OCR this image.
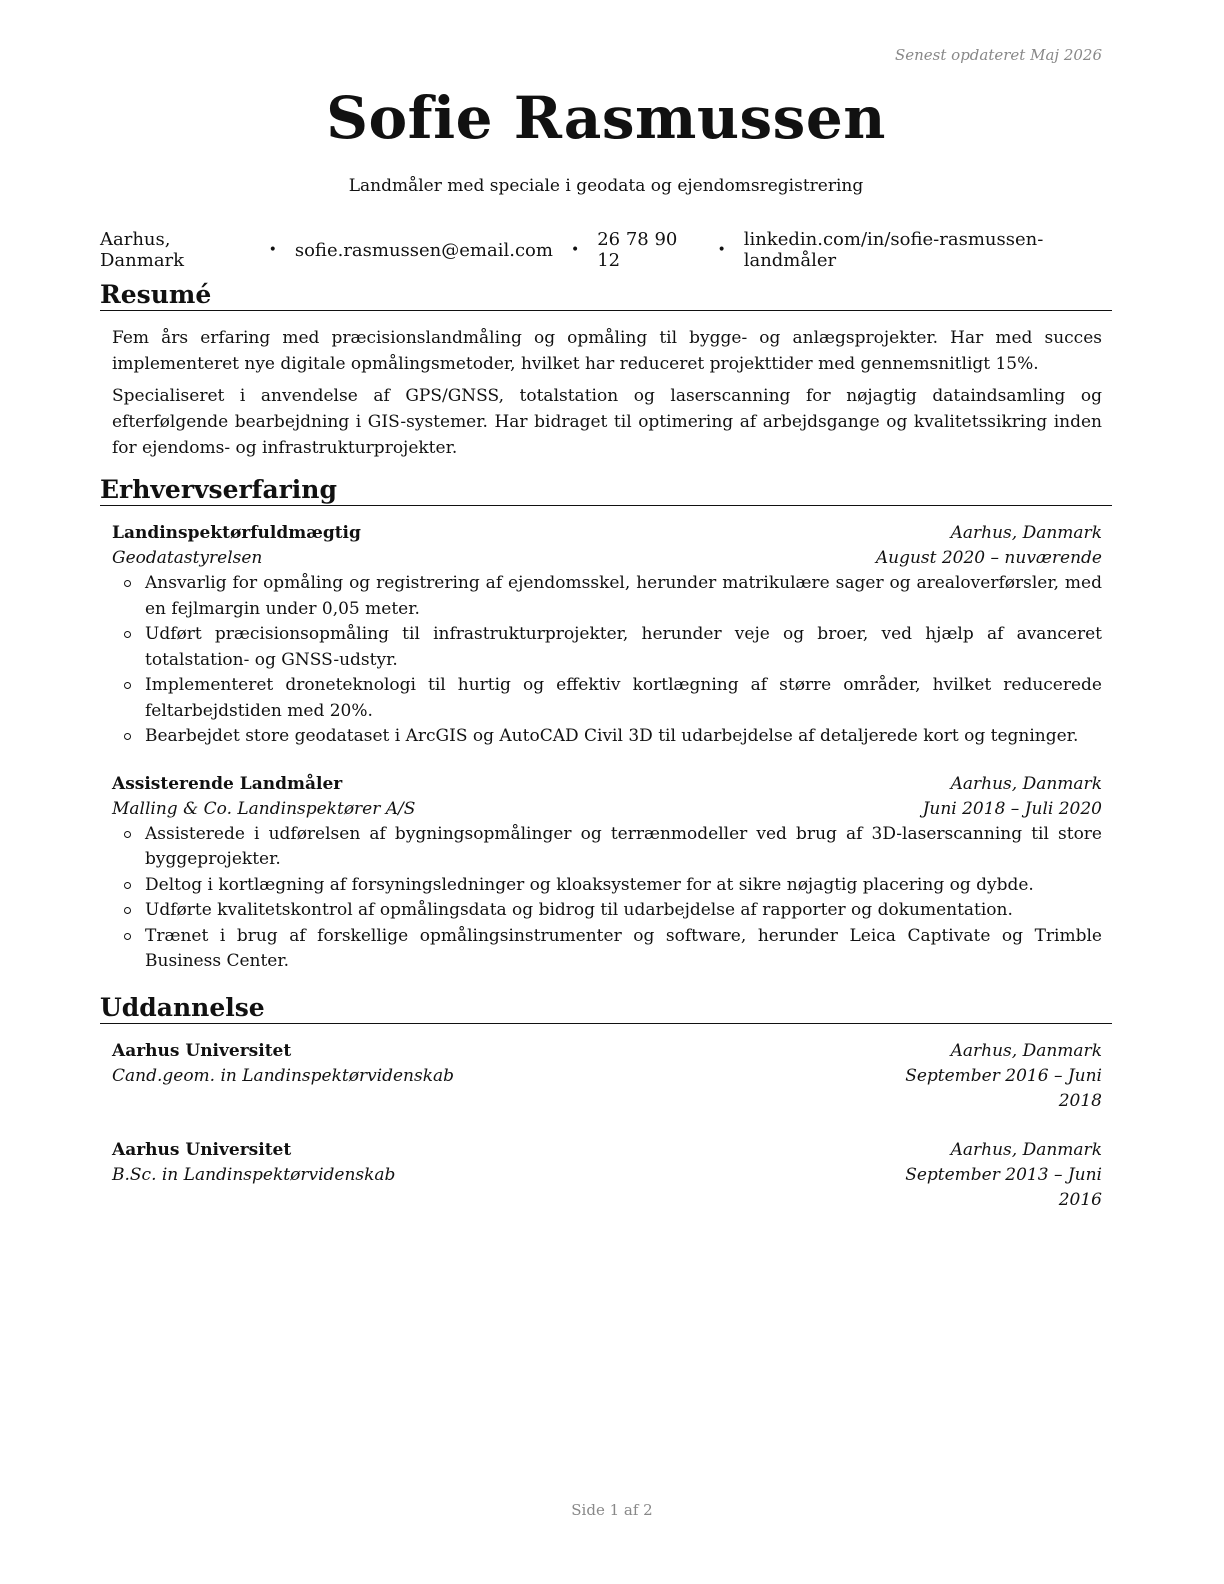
Senest opdateret Maj 2026
Sofie Rasmussen
Landmåler med speciale i geodata og ejendomsregistrering
Aarhus, Danmark	• sofie.rasmussen@email.com • 26 78 90 12	• linkedin.com/in/sofie-rasmussen-landmåler
Resumé

Fem års erfaring med præcisionslandmåling og opmåling til bygge- og anlægsprojekter. Har med succes implementeret nye digitale opmålingsmetoder, hvilket har reduceret projekttider med gennemsnitligt 15%.

Specialiseret i anvendelse af GPS/GNSS, totalstation og laserscanning for nøjagtig dataindsamling og efterfølgende bearbejdning i GIS-systemer. Har bidraget til optimering af arbejdsgange og kvalitetssikring inden for ejendoms- og infrastrukturprojekter.

Erhvervserfaring
Landinspektørfuldmægtig	Aarhus, Danmark
Geodatastyrelsen	August 2020 – nuværende
Ansvarlig for opmåling og registrering af ejendomsskel, herunder matrikulære sager og arealoverførsler, med en fejlmargin under 0,05 meter.
Udført præcisionsopmåling til infrastrukturprojekter, herunder veje og broer, ved hjælp af avanceret totalstation- og GNSS-udstyr.
Implementeret droneteknologi til hurtig og effektiv kortlægning af større områder, hvilket reducerede feltarbejdstiden med 20%.
Bearbejdet store geodataset i ArcGIS og AutoCAD Civil 3D til udarbejdelse af detaljerede kort og tegninger.
Assisterende Landmåler	Aarhus, Danmark
Malling & Co. Landinspektører A/S	Juni 2018 – Juli 2020
Assisterede i udførelsen af bygningsopmålinger og terrænmodeller ved brug af 3D-laserscanning til store byggeprojekter.
Deltog i kortlægning af forsyningsledninger og kloaksystemer for at sikre nøjagtig placering og dybde.
Udførte kvalitetskontrol af opmålingsdata og bidrog til udarbejdelse af rapporter og dokumentation.
Trænet i brug af forskellige opmålingsinstrumenter og software, herunder Leica Captivate og Trimble Business Center.
Uddannelse
Aarhus Universitet	Aarhus, Danmark
Cand.geom. in Landinspektørvidenskab	September 2016 – Juni
2018
Aarhus Universitet	Aarhus, Danmark
B.Sc. in Landinspektørvidenskab	September 2013 – Juni
2016
Side 1 af 2
